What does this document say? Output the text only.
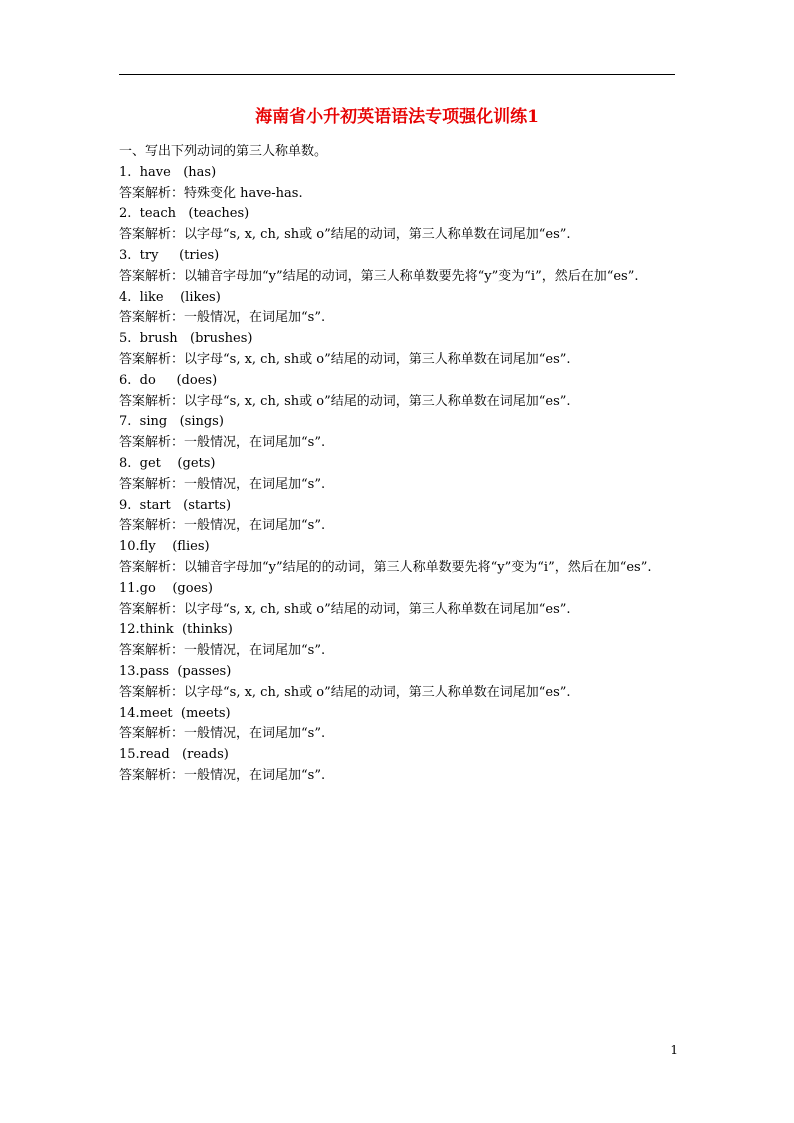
海南省小升初英语语法专项强化训练1
一、写出下列动词的第三人称单数。
1.  have   (has)
答案解析：特殊变化 have-has.
2.  teach   (teaches)
答案解析：以字母“s, x, ch, sh或 o”结尾的动词，第三人称单数在词尾加“es”.
3.  try     (tries)
答案解析：以辅音字母加“y”结尾的动词，第三人称单数要先将“y”变为“i”，然后在加“es”.
4.  like    (likes)
答案解析：一般情况，在词尾加“s”.
5.  brush   (brushes)
答案解析：以字母“s, x, ch, sh或 o”结尾的动词，第三人称单数在词尾加“es”.
6.  do     (does)
答案解析：以字母“s, x, ch, sh或 o”结尾的动词，第三人称单数在词尾加“es”.
7.  sing   (sings)
答案解析：一般情况，在词尾加“s”.
8.  get    (gets)
答案解析：一般情况，在词尾加“s”.
9.  start   (starts)
答案解析：一般情况，在词尾加“s”.
10.fly    (flies)
答案解析：以辅音字母加“y”结尾的的动词，第三人称单数要先将“y”变为“i”，然后在加“es”.
11.go    (goes)
答案解析：以字母“s, x, ch, sh或 o”结尾的动词，第三人称单数在词尾加“es”.
12.think  (thinks)
答案解析：一般情况，在词尾加“s”.
13.pass  (passes)
答案解析：以字母“s, x, ch, sh或 o”结尾的动词，第三人称单数在词尾加“es”.
14.meet  (meets)
答案解析：一般情况，在词尾加“s”.
15.read   (reads)
答案解析：一般情况，在词尾加“s”.
1
